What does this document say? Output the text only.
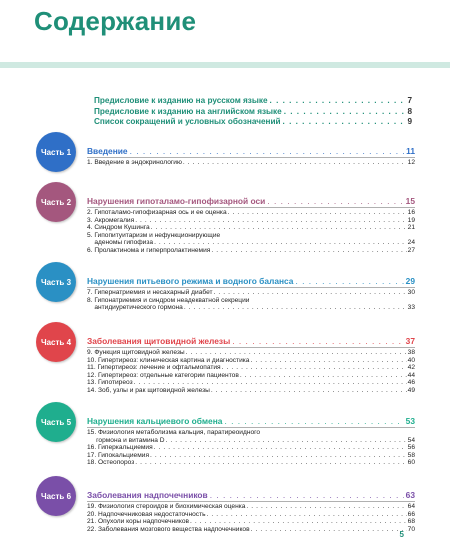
Содержание
Предисловие к изданию на русском языке . . .	7
Предисловие к изданию на английском языке . . .	8
Список сокращений и условных обозначений . . .	9
Часть 1	Введение . . .	11
1. Введение в эндокринологию . . .	12
Часть 2	Нарушения гипоталамо-гипофизарной оси . . .	15
2. Гипоталамо-гипофизарная ось и ее оценка . . .	16
3. Акромегалия . . .	19
4. Синдром Кушинга . . .	21
5. Гипопитуитаризм и нефункционирующие
аденомы гипофиза . . .	24
6. Пролактинома и гиперпролактинемия . . .	27
Часть 3	Нарушения питьевого режима и водного баланса . . .	29
7. Гипернатриемия и несахарный диабет . . .	30
8. Гипонатриемия и синдром неадекватной секреции
антидиуретического гормона . . .	33
Часть 4	Заболевания щитовидной железы . . .	37
9. Функция щитовидной железы . . .	38
10. Гипертиреоз: клиническая картина и диагностика . . .	40
11. Гипертиреоз: лечение и офтальмопатия . . .	42
12. Гипертиреоз: отдельные категории пациентов . . .	44
13. Гипотиреоз . . .	46
14. Зоб, узлы и рак щитовидной железы . . .	49
Часть 5	Нарушения кальциевого обмена . . .	53
15. Физиология метаболизма кальция, паратиреоидного
гормона и витамина D . . .	54
16. Гиперкальциемия . . .	56
17. Гипокальциемия . . .	58
18. Остеопороз . . .	60
Часть 6	Заболевания надпочечников . . .	63
19. Физиология стероидов и биохимическая оценка . . .	64
20. Надпочечниковая недостаточность . . .	66
21. Опухоли коры надпочечников . . .	68
22. Заболевания мозгового вещества надпочечников . . .	70
5
